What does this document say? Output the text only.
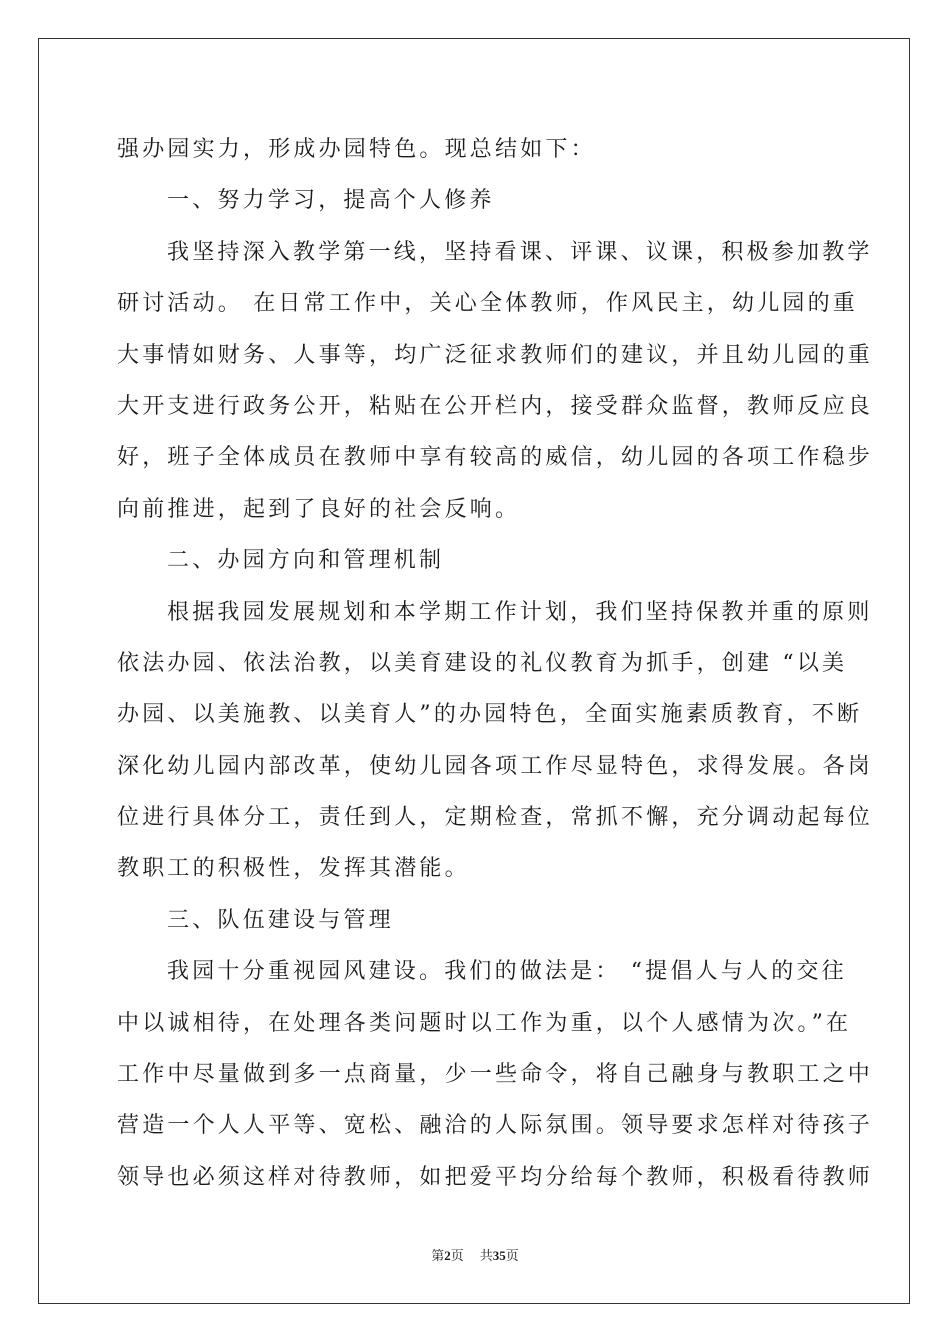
强办园实力，形成办园特色。现总结如下：
一、努力学习，提高个人修养
我坚持深入教学第一线，坚持看课、评课、议课，积极参加教学
研讨活动。 在日常工作中，关心全体教师，作风民主，幼儿园的重
大事情如财务、人事等，均广泛征求教师们的建议，并且幼儿园的重
大开支进行政务公开，粘贴在公开栏内，接受群众监督，教师反应良
好，班子全体成员在教师中享有较高的威信，幼儿园的各项工作稳步
向前推进，起到了良好的社会反响。
二、办园方向和管理机制
根据我园发展规划和本学期工作计划，我们坚持保教并重的原则
依法办园、依法治教，以美育建设的礼仪教育为抓手，创建 “以美
办园、以美施教、以美育人”的办园特色，全面实施素质教育，不断
深化幼儿园内部改革，使幼儿园各项工作尽显特色，求得发展。各岗
位进行具体分工，责任到人，定期检查，常抓不懈，充分调动起每位
教职工的积极性，发挥其潜能。
三、队伍建设与管理
我园十分重视园风建设。我们的做法是： “提倡人与人的交往
中以诚相待，在处理各类问题时以工作为重，以个人感情为次。”在
工作中尽量做到多一点商量，少一些命令，将自己融身与教职工之中
营造一个人人平等、宽松、融洽的人际氛围。领导要求怎样对待孩子
领导也必须这样对待教师，如把爱平均分给每个教师，积极看待教师
第2页 共35页
